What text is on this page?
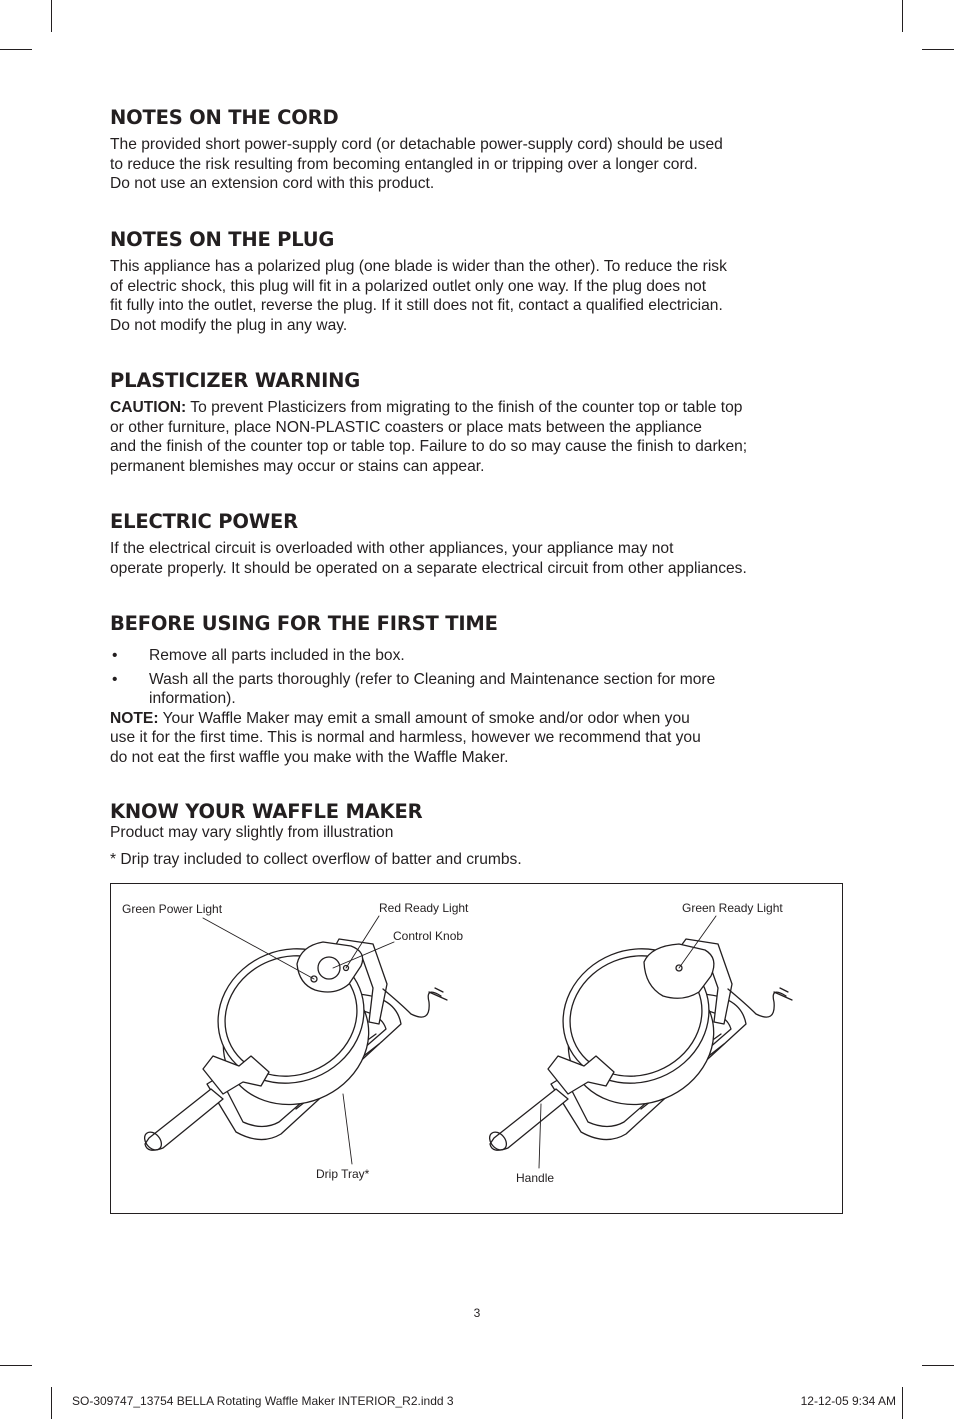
NOTES ON THE CORD

The provided short power-supply cord (or detachable power-supply cord) should be used
to reduce the risk resulting from becoming entangled in or tripping over a longer cord.
Do not use an extension cord with this product.

NOTES ON THE PLUG

This appliance has a polarized plug (one blade is wider than the other). To reduce the risk
of electric shock, this plug will fit in a polarized outlet only one way. If the plug does not
fit fully into the outlet, reverse the plug. If it still does not fit, contact a qualified electrician.
Do not modify the plug in any way.

PLASTICIZER WARNING

CAUTION: To prevent Plasticizers from migrating to the finish of the counter top or table top
or other furniture, place NON-PLASTIC coasters or place mats between the appliance
and the finish of the counter top or table top. Failure to do so may cause the finish to darken;
permanent blemishes may occur or stains can appear.

ELECTRIC POWER

If the electrical circuit is overloaded with other appliances, your appliance may not
operate properly. It should be operated on a separate electrical circuit from other appliances.

BEFORE USING FOR THE FIRST TIME
• Remove all parts included in the box.
• Wash all the parts thoroughly (refer to Cleaning and Maintenance section for more
information).

NOTE: Your Waffle Maker may emit a small amount of smoke and/or odor when you
use it for the first time. This is normal and harmless, however we recommend that you
do not eat the first waffle you make with the Waffle Maker.

KNOW YOUR WAFFLE MAKER

Product may vary slightly from illustration

* Drip tray included to collect overflow of batter and crumbs.

Green Power Light	Red Ready Light
Control Knob
Green Ready Light
Drip Tray*	Handle
3
SO-309747_13754 BELLA Rotating Waffle Maker INTERIOR_R2.indd 3	12-12-05 9:34 AM
